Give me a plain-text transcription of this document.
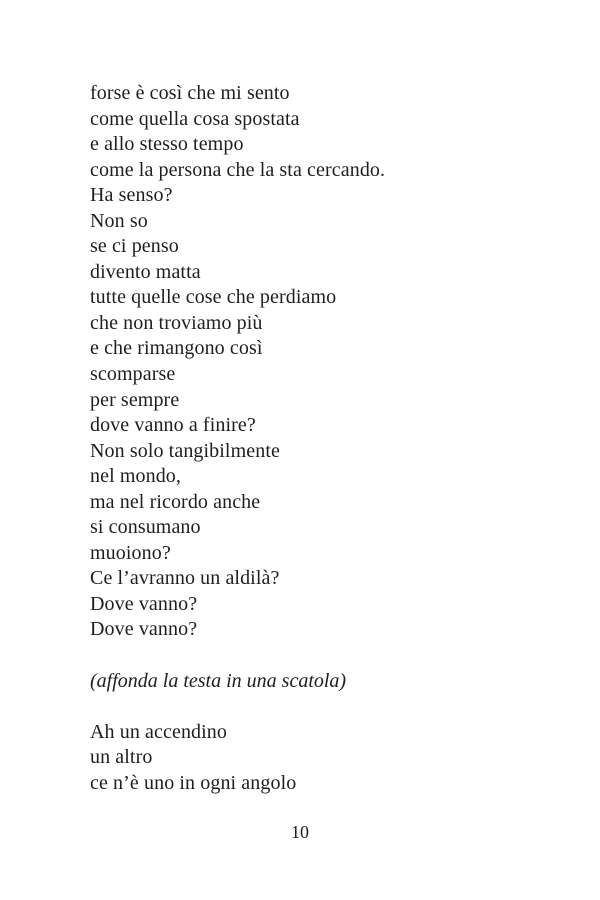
forse è così che mi sento
come quella cosa spostata
e allo stesso tempo
come la persona che la sta cercando.
Ha senso?
Non so
se ci penso
divento matta
tutte quelle cose che perdiamo
che non troviamo più
e che rimangono così
scomparse
per sempre
dove vanno a finire?
Non solo tangibilmente
nel mondo,
ma nel ricordo anche
si consumano
muoiono?
Ce l’avranno un aldilà?
Dove vanno?
Dove vanno?
(affonda la testa in una scatola)
Ah un accendino
un altro
ce n’è uno in ogni angolo
10
